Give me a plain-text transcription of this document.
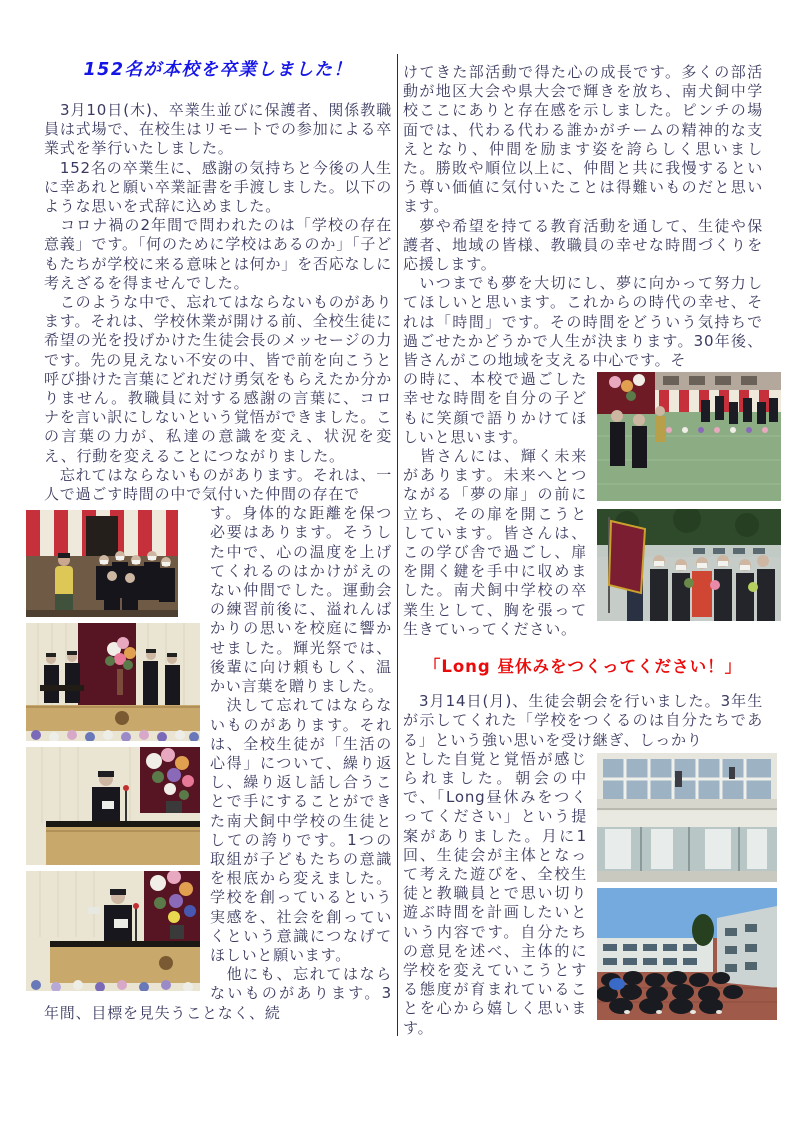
152名が本校を卒業しました！

　3月10日(木)、卒業生並びに保護者、関係教職員は式場で、在校生はリモートでの参加による卒業式を挙行いたしました。

　152名の卒業生に、感謝の気持ちと今後の人生に幸あれと願い卒業証書を手渡しました。以下のような思いを式辞に込めました。

　コロナ禍の2年間で問われたのは「学校の存在意義」です。「何のために学校はあるのか」「子どもたちが学校に来る意味とは何か」を否応なしに考えざるを得ませんでした。

　このような中で、忘れてはならないものがあります。それは、学校休業が開ける前、全校生徒に希望の光を投げかけた生徒会長のメッセージの力です。先の見えない不安の中、皆で前を向こうと呼び掛けた言葉にどれだけ勇気をもらえたか分かりません。教職員に対する感謝の言葉に、コロナを言い訳にしないという覚悟ができました。この言葉の力が、私達の意識を変え、状況を変え、行動を変えることにつながりました。

　忘れてはならないものがあります。それは、一人で過ごす時間の中で気付いた仲間の存在で

す。身体的な距離を保つ必要はあります。そうした中で、心の温度を上げてくれるのはかけがえのない仲間でした。運動会の練習前後に、溢れんばかりの思いを校庭に響かせました。輝光祭では、後輩に向け頼もしく、温かい言葉を贈りました。

　決して忘れてはならないものがあります。それは、全校生徒が「生活の心得」について、繰り返し、繰り返し話し合うことで手にすることができた南犬飼中学校の生徒としての誇りです。1つの取組が子どもたちの意識を根底から変えました。学校を創っているという実感を、社会を創っていくという意識につなげてほしいと願います。

　他にも、忘れてはならないものがあります。3年間、目標を見失うことなく、続

けてきた部活動で得た心の成長です。多くの部活動が地区大会や県大会で輝きを放ち、南犬飼中学校ここにありと存在感を示しました。ピンチの場面では、代わる代わる誰かがチームの精神的な支えとなり、仲間を励ます姿を誇らしく思いました。勝敗や順位以上に、仲間と共に我慢するという尊い価値に気付いたことは得難いものだと思います。

　夢や希望を持てる教育活動を通して、生徒や保護者、地域の皆様、教職員の幸せな時間づくりを応援します。

　いつまでも夢を大切にし、夢に向かって努力してほしいと思います。これからの時代の幸せ、それは「時間」です。その時間をどういう気持ちで過ごせたかどうかで人生が決まります。30年後、皆さんがこの地域を支える中心です。そ

の時に、本校で過ごした幸せな時間を自分の子どもに笑顔で語りかけてほしいと思います。

　皆さんには、輝く未来があります。未来へとつながる「夢の扉」の前に立ち、その扉を開こうとしています。皆さんは、この学び舎で過ごし、扉を開く鍵を手中に収めました。南犬飼中学校の卒業生として、胸を張って生きていってください。

「Long 昼休みをつくってください！」

　3月14日(月)、生徒会朝会を行いました。3年生が示してくれた「学校をつくるのは自分たちである」という強い思いを受け継ぎ、しっかり

とした自覚と覚悟が感じられました。朝会の中で、「Long昼休みをつくってください」という提案がありました。月に1回、生徒会が主体となって考えた遊びを、全校生徒と教職員とで思い切り遊ぶ時間を計画したいという内容です。自分たちの意見を述べ、主体的に学校を変えていこうとする態度が育まれていることを心から嬉しく思います。
